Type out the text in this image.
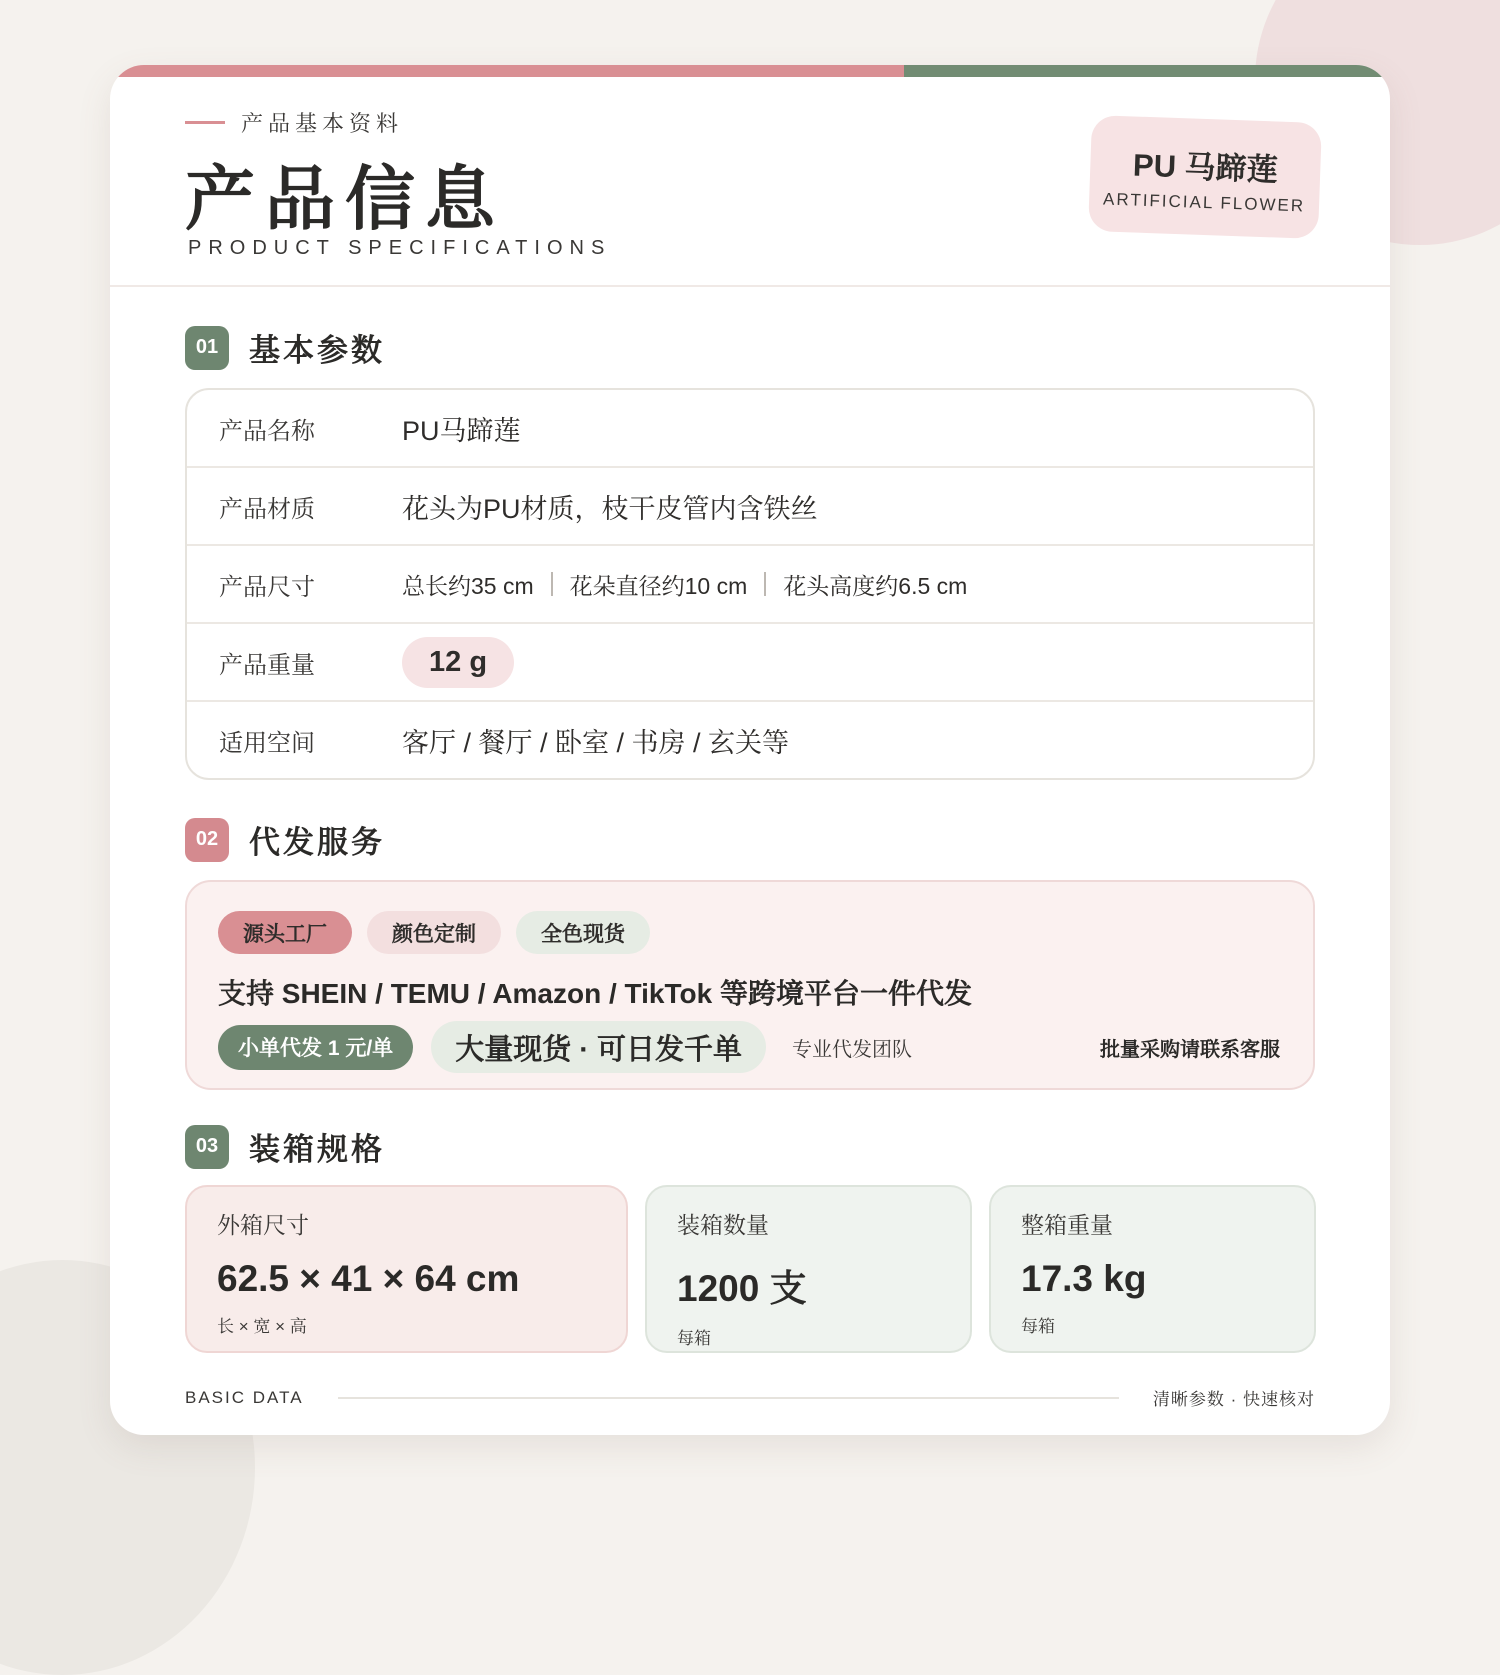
产品基本资料
产品信息
PRODUCT SPECIFICATIONS
PU 马蹄莲
ARTIFICIAL FLOWER
01 基本参数
产品名称	PU马蹄莲
产品材质	花头为PU材质，枝干皮管内含铁丝
产品尺寸	总长约35 cm 花朵直径约10 cm 花头高度约6.5 cm
产品重量	12 g
适用空间	客厅 / 餐厅 / 卧室 / 书房 / 玄关等
02 代发服务
源头工厂	颜色定制	全色现货
支持 SHEIN / TEMU / Amazon / TikTok 等跨境平台一件代发
小单代发 1 元/单	大量现货 · 可日发千单	专业代发团队	批量采购请联系客服
03 装箱规格
外箱尺寸
62.5 × 41 × 64 cm
长 × 宽 × 高
装箱数量
1200 支
每箱
整箱重量
17.3 kg
每箱
BASIC DATA	清晰参数 · 快速核对
